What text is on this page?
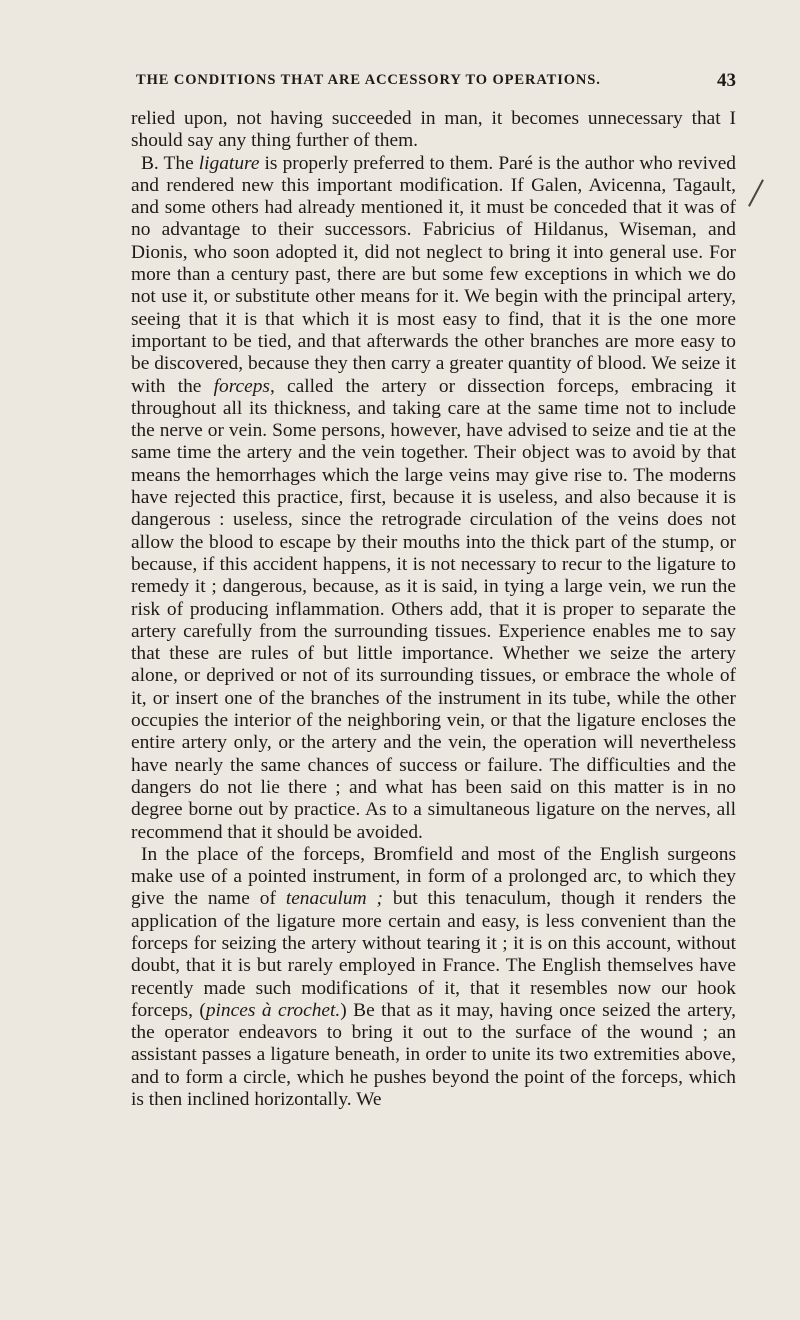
THE CONDITIONS THAT ARE ACCESSORY TO OPERATIONS.	43

relied upon, not having succeeded in man, it becomes unnecessary that I should say any thing further of them.

B. The ligature is properly preferred to them. Paré is the author who revived and rendered new this important modification. If Galen, Avicenna, Tagault, and some others had already mentioned it, it must be conceded that it was of no advantage to their successors. Fabricius of Hildanus, Wiseman, and Dionis, who soon adopted it, did not neglect to bring it into general use. For more than a century past, there are but some few exceptions in which we do not use it, or substitute other means for it. We begin with the principal artery, seeing that it is that which it is most easy to find, that it is the one more important to be tied, and that afterwards the other branches are more easy to be discovered, because they then carry a greater quantity of blood. We seize it with the forceps, called the artery or dissection forceps, embracing it throughout all its thickness, and taking care at the same time not to include the nerve or vein. Some persons, however, have advised to seize and tie at the same time the artery and the vein together. Their object was to avoid by that means the hemorrhages which the large veins may give rise to. The moderns have rejected this practice, first, because it is useless, and also because it is dangerous : useless, since the retrograde circulation of the veins does not allow the blood to escape by their mouths into the thick part of the stump, or because, if this accident happens, it is not necessary to recur to the ligature to remedy it ; dangerous, because, as it is said, in tying a large vein, we run the risk of producing inflammation. Others add, that it is proper to separate the artery carefully from the surrounding tissues. Experience enables me to say that these are rules of but little importance. Whether we seize the artery alone, or deprived or not of its surrounding tissues, or embrace the whole of it, or insert one of the branches of the instrument in its tube, while the other occupies the interior of the neighboring vein, or that the ligature encloses the entire artery only, or the artery and the vein, the operation will nevertheless have nearly the same chances of success or failure. The difficulties and the dangers do not lie there ; and what has been said on this matter is in no degree borne out by practice. As to a simultaneous ligature on the nerves, all recommend that it should be avoided.

In the place of the forceps, Bromfield and most of the English surgeons make use of a pointed instrument, in form of a prolonged arc, to which they give the name of tenaculum ; but this tenaculum, though it renders the application of the ligature more certain and easy, is less convenient than the forceps for seizing the artery without tearing it ; it is on this account, without doubt, that it is but rarely employed in France. The English themselves have recently made such modifications of it, that it resembles now our hook forceps, (pinces à crochet.) Be that as it may, having once seized the artery, the operator endeavors to bring it out to the surface of the wound ; an assistant passes a ligature beneath, in order to unite its two extremities above, and to form a circle, which he pushes beyond the point of the forceps, which is then inclined horizontally. We
